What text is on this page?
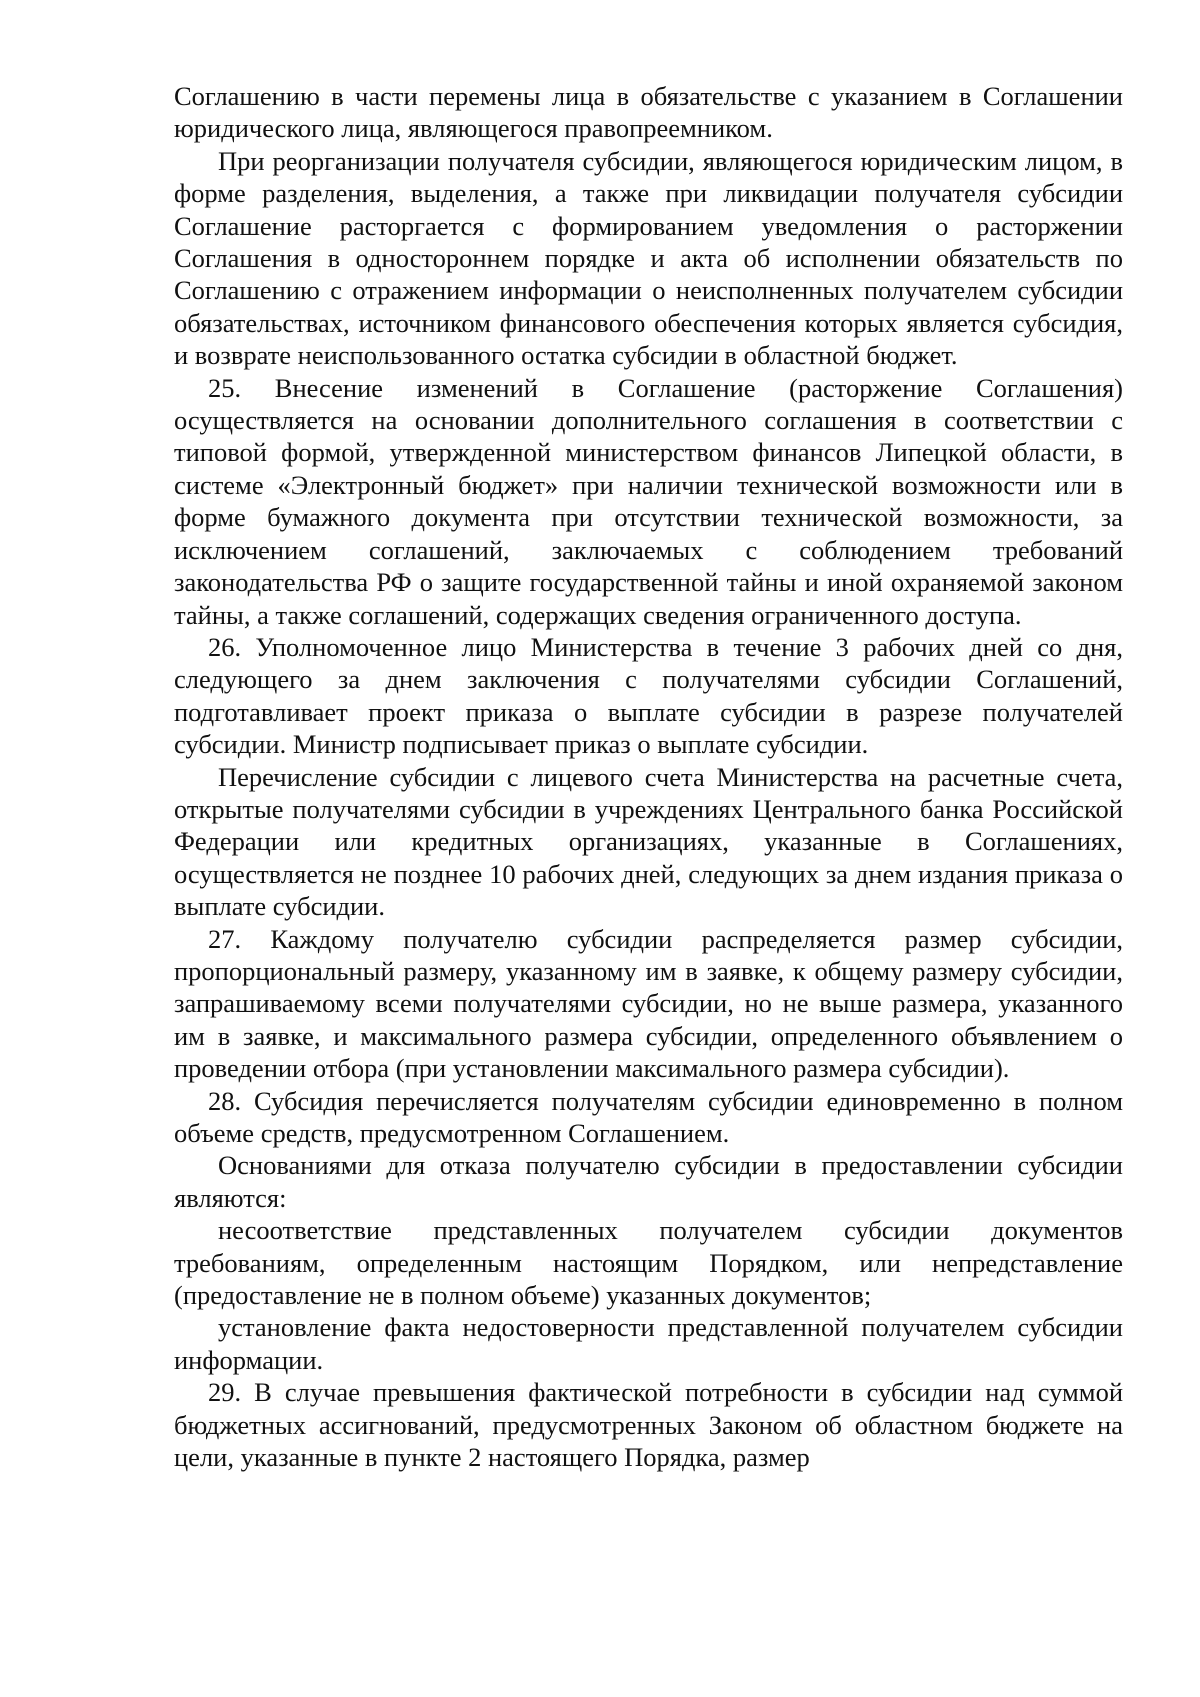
Соглашению в части перемены лица в обязательстве с указанием в Соглашении юридического лица, являющегося правопреемником.

При реорганизации получателя субсидии, являющегося юридическим лицом, в форме разделения, выделения, а также при ликвидации получателя субсидии Соглашение расторгается с формированием уведомления о расторжении Соглашения в одностороннем порядке и акта об исполнении обязательств по Соглашению с отражением информации о неисполненных получателем субсидии обязательствах, источником финансового обеспечения которых является субсидия, и возврате неиспользованного остатка субсидии в областной бюджет.

25. Внесение изменений в Соглашение (расторжение Соглашения) осуществляется на основании дополнительного соглашения в соответствии с типовой формой, утвержденной министерством финансов Липецкой области, в системе «Электронный бюджет» при наличии технической возможности или в форме бумажного документа при отсутствии технической возможности, за исключением соглашений, заключаемых с соблюдением требований законодательства РФ о защите государственной тайны и иной охраняемой законом тайны, а также соглашений, содержащих сведения ограниченного доступа.

26. Уполномоченное лицо Министерства в течение 3 рабочих дней со дня, следующего за днем заключения с получателями субсидии Соглашений, подготавливает проект приказа о выплате субсидии в разрезе получателей субсидии. Министр подписывает приказ о выплате субсидии.

Перечисление субсидии с лицевого счета Министерства на расчетные счета, открытые получателями субсидии в учреждениях Центрального банка Российской Федерации или кредитных организациях, указанные в Соглашениях, осуществляется не позднее 10 рабочих дней, следующих за днем издания приказа о выплате субсидии.

27. Каждому получателю субсидии распределяется размер субсидии, пропорциональный размеру, указанному им в заявке, к общему размеру субсидии, запрашиваемому всеми получателями субсидии, но не выше размера, указанного им в заявке, и максимального размера субсидии, определенного объявлением о проведении отбора (при установлении максимального размера субсидии).

28. Субсидия перечисляется получателям субсидии единовременно в полном объеме средств, предусмотренном Соглашением.

Основаниями для отказа получателю субсидии в предоставлении субсидии являются:

несоответствие представленных получателем субсидии документов требованиям, определенным настоящим Порядком, или непредставление (предоставление не в полном объеме) указанных документов;

установление факта недостоверности представленной получателем субсидии информации.

29. В случае превышения фактической потребности в субсидии над суммой бюджетных ассигнований, предусмотренных Законом об областном бюджете на цели, указанные в пункте 2 настоящего Порядка, размер
